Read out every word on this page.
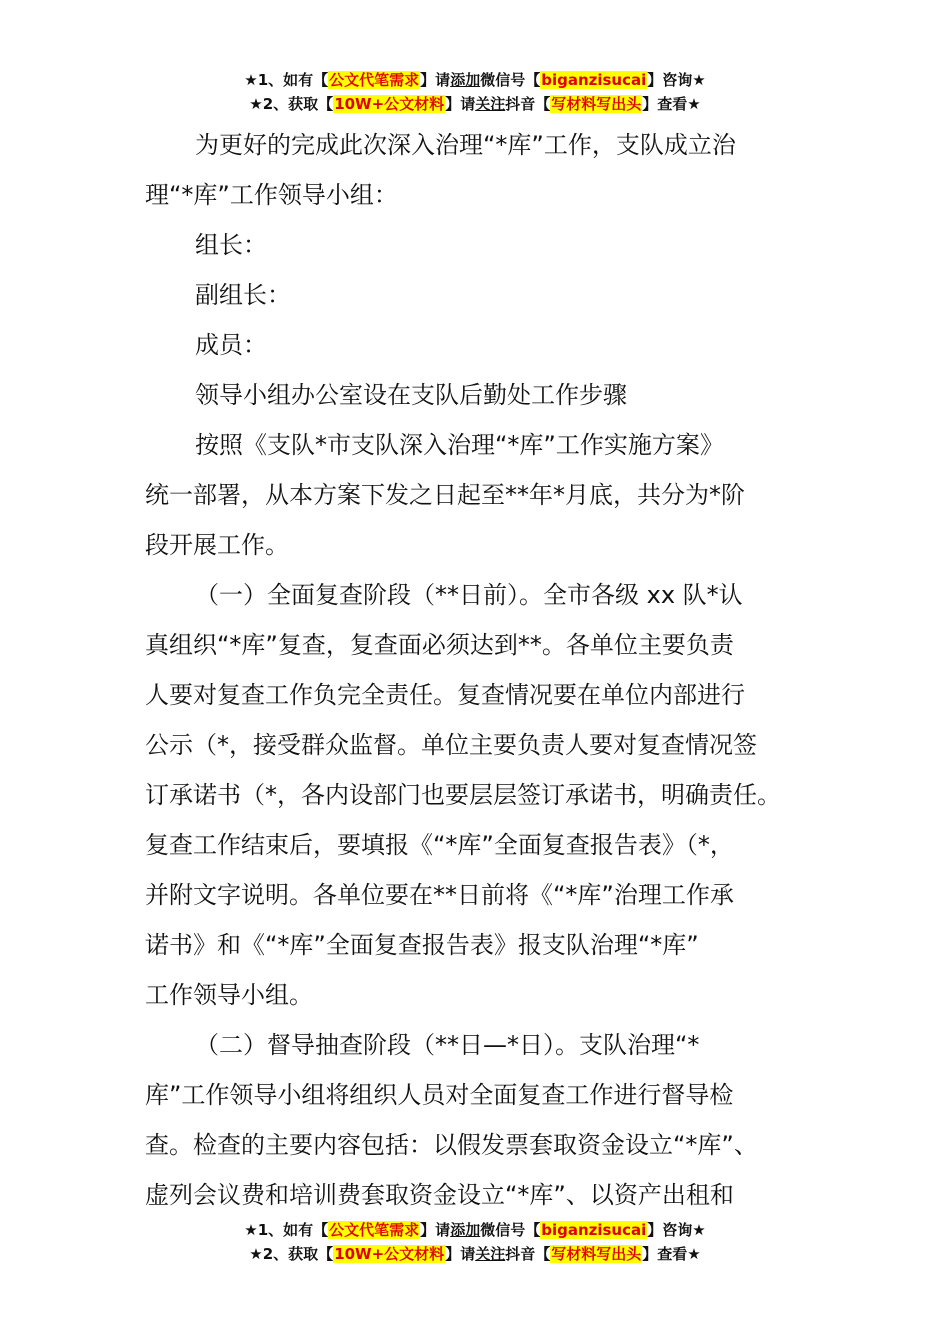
★1、如有【公文代笔需求】请添加微信号【biganzisucai】咨询★
★2、获取【10W+公文材料】请关注抖音【写材料写出头】查看★

为更好的完成此次深入治理“*库”工作，支队成立治

理“*库”工作领导小组：

组长：

副组长：

成员：

领导小组办公室设在支队后勤处工作步骤

按照《支队*市支队深入治理“*库”工作实施方案》

统一部署，从本方案下发之日起至**年*月底，共分为*阶

段开展工作。

（一）全面复查阶段（**日前）。全市各级 xx 队*认

真组织“*库”复查，复查面必须达到**。各单位主要负责

人要对复查工作负完全责任。复查情况要在单位内部进行

公示（*，接受群众监督。单位主要负责人要对复查情况签

订承诺书（*，各内设部门也要层层签订承诺书，明确责任。

复查工作结束后，要填报《“*库”全面复查报告表》（*，

并附文字说明。各单位要在**日前将《“*库”治理工作承

诺书》和《“*库”全面复查报告表》报支队治理“*库”

工作领导小组。

（二）督导抽查阶段（**日—*日）。支队治理“*

库”工作领导小组将组织人员对全面复查工作进行督导检

查。检查的主要内容包括：以假发票套取资金设立“*库”、

虚列会议费和培训费套取资金设立“*库”、以资产出租和

★1、如有【公文代笔需求】请添加微信号【biganzisucai】咨询★
★2、获取【10W+公文材料】请关注抖音【写材料写出头】查看★
